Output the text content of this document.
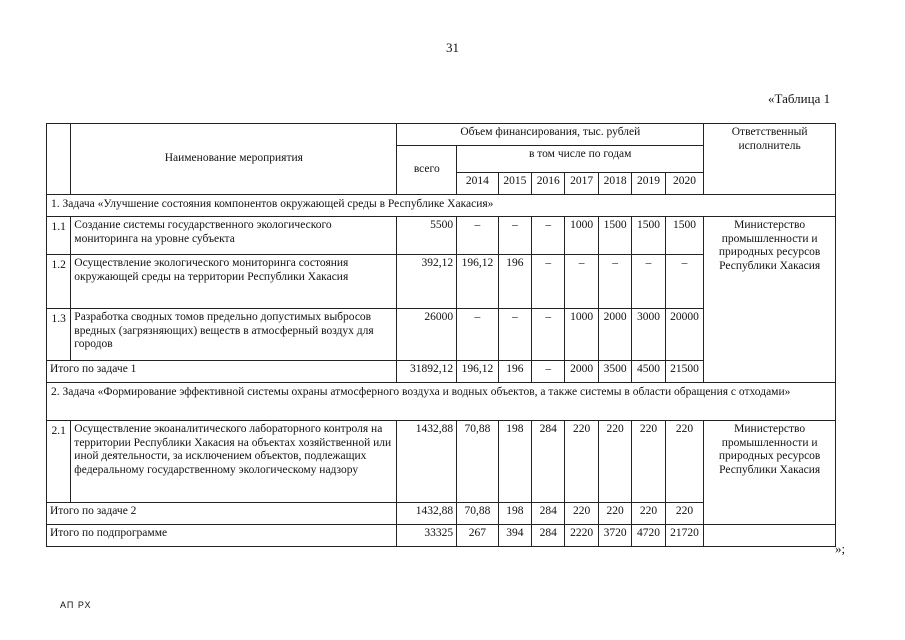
31
«Таблица 1
	Наименование мероприятия	Объем финансирования, тыс. рублей								Ответственный исполнитель
		всего	в том числе по годам							
			2014	2015	2016	2017	2018	2019	2020	
1. Задача «Улучшение состояния компонентов окружающей среды в Республике Хакасия»										
1.1	Создание системы государственного экологического мониторинга на уровне субъекта	5500	–	–	–	1000	1500	1500	1500	Министерство промышленности и природных ресурсов Республики Хакасия
1.2	Осуществление экологического мониторинга состояния окружающей среды на территории Республики Хакасия	392,12	196,12	196	–	–	–	–	–	
1.3	Разработка сводных томов предельно допустимых выбросов вредных (загрязняющих) веществ в атмосферный воздух для городов	26000	–	–	–	1000	2000	3000	20000	
Итого по задаче 1		31892,12	196,12	196	–	2000	3500	4500	21500	
2. Задача «Формирование эффективной системы охраны атмосферного воздуха и водных объектов, а также системы в области обращения с отходами»										
2.1	Осуществление экоаналитического лабораторного контроля на территории Республики Хакасия на объектах хозяйственной или иной деятельности, за исключением объектов, подлежащих федеральному государственному экологическому надзору	1432,88	70,88	198	284	220	220	220	220	Министерство промышленности и природных ресурсов Республики Хакасия
Итого по задаче 2		1432,88	70,88	198	284	220	220	220	220	
Итого по подпрограмме		33325	267	394	284	2220	3720	4720	21720	
»;
АП РХ
